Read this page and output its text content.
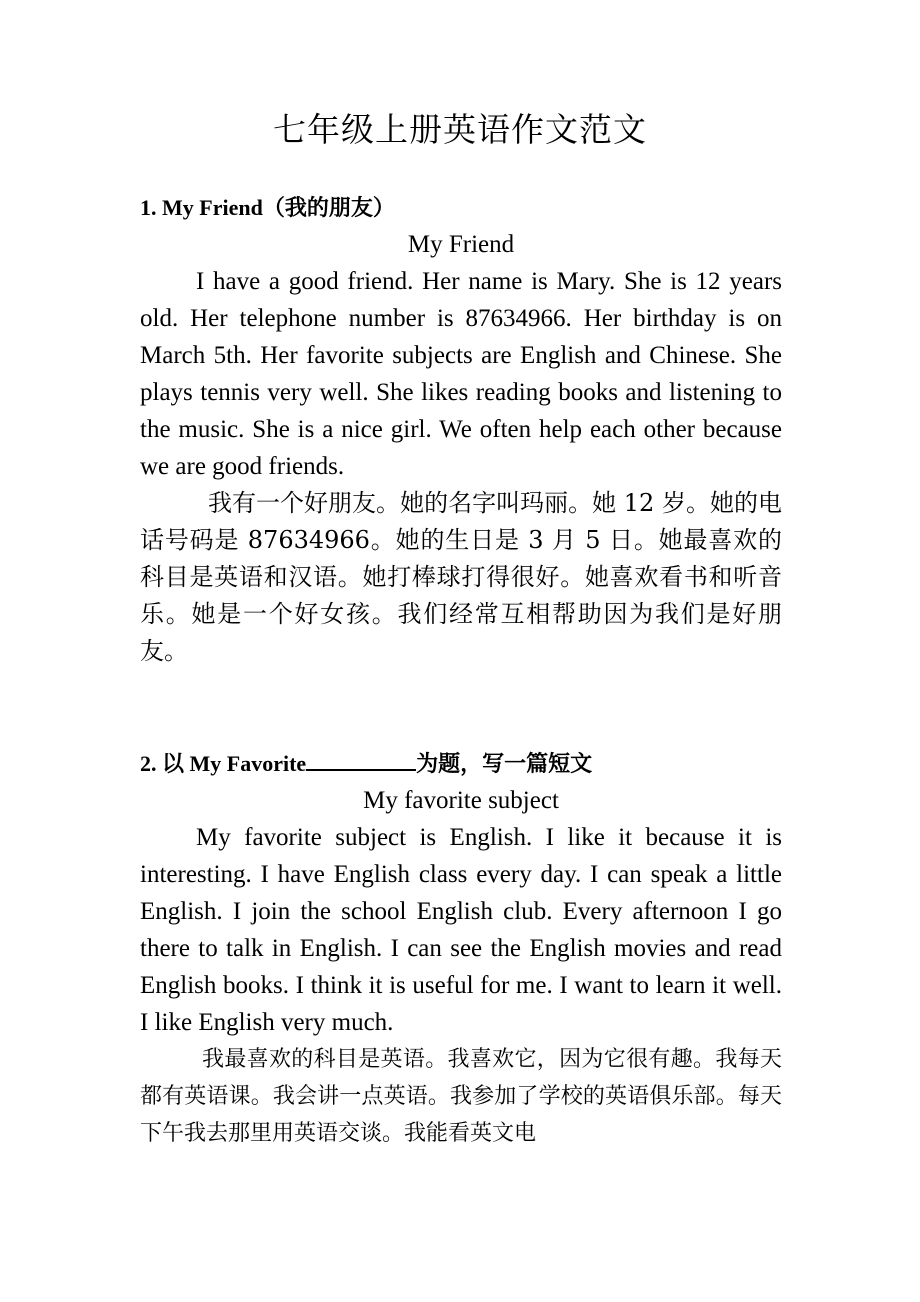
七年级上册英语作文范文

1. My Friend（我的朋友）

My Friend

I have a good friend. Her name is Mary. She is 12 years old. Her telephone number is 87634966. Her birthday is on March 5th. Her favorite subjects are English and Chinese. She plays tennis very well. She likes reading books and listening to the music. She is a nice girl. We often help each other because we are good friends.

我有一个好朋友。她的名字叫玛丽。她 12 岁。她的电话号码是 87634966。她的生日是 3 月 5 日。她最喜欢的科目是英语和汉语。她打棒球打得很好。她喜欢看书和听音乐。她是一个好女孩。我们经常互相帮助因为我们是好朋友。

2. 以 My Favorite	为题，写一篇短文

My favorite subject

My favorite subject is English. I like it because it is interesting. I have English class every day. I can speak a little English. I join the school English club. Every afternoon I go there to talk in English. I can see the English movies and read English books. I think it is useful for me. I want to learn it well. I like English very much.

我最喜欢的科目是英语。我喜欢它，因为它很有趣。我每天都有英语课。我会讲一点英语。我参加了学校的英语俱乐部。每天下午我去那里用英语交谈。我能看英文电
